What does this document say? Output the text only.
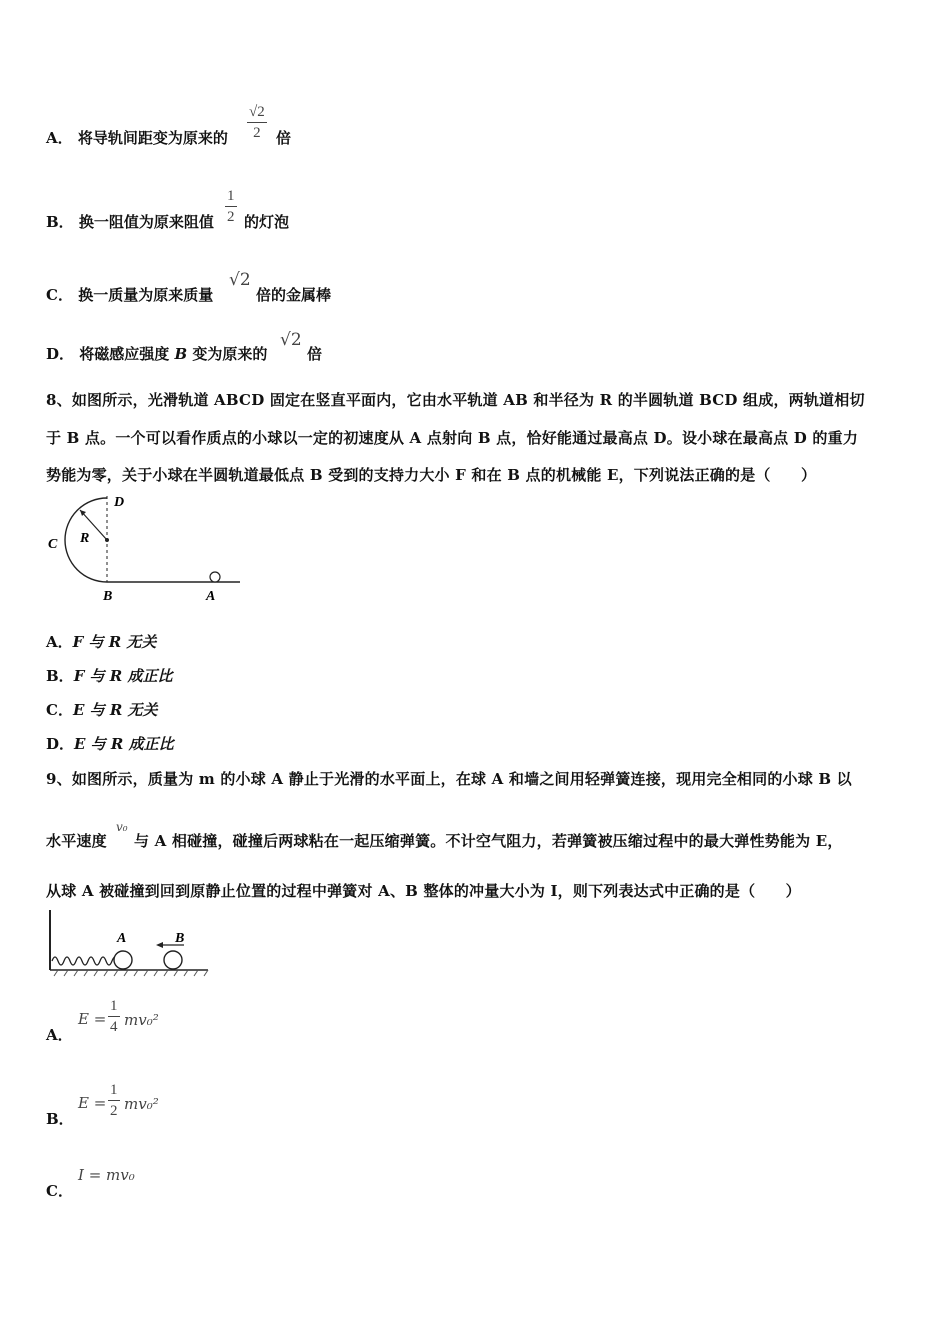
A． 将导轨间距变为原来的 $\frac{√2}{2}$ 倍
B． 换一阻值为原来阻值 $\frac{1}{2}$ 的灯泡
C． 换一质量为原来质量
√2
倍的金属棒
D． 将磁感应强度 B 变为原来的
√2
倍
8、如图所示，光滑轨道 ABCD 固定在竖直平面内，它由水平轨道 AB 和半径为 R 的半圆轨道 BCD 组成，两轨道相切
于 B 点。一个可以看作质点的小球以一定的初速度从 A 点射向 B 点，恰好能通过最高点 D。设小球在最高点 D 的重力
势能为零，关于小球在半圆轨道最低点 B 受到的支持力大小 F 和在 B 点的机械能 E，下列说法正确的是（　　）
D
C R
B	A
A．F 与 R 无关
B．F 与 R 成正比
C．E 与 R 无关
D．E 与 R 成正比
9、如图所示，质量为 m 的小球 A 静止于光滑的水平面上，在球 A 和墙之间用轻弹簧连接，现用完全相同的小球 B 以
水平速度
v₀
与 A 相碰撞，碰撞后两球粘在一起压缩弹簧。不计空气阻力，若弹簧被压缩过程中的最大弹性势能为 E，
从球 A 被碰撞到回到原静止位置的过程中弹簧对 A、B 整体的冲量大小为 I，则下列表达式中正确的是（　　）
A	B
A．
$E = \frac{1}{4} mv_0^2$
B．
$E = \frac{1}{2} mv_0^2$
C．
I = mv₀
